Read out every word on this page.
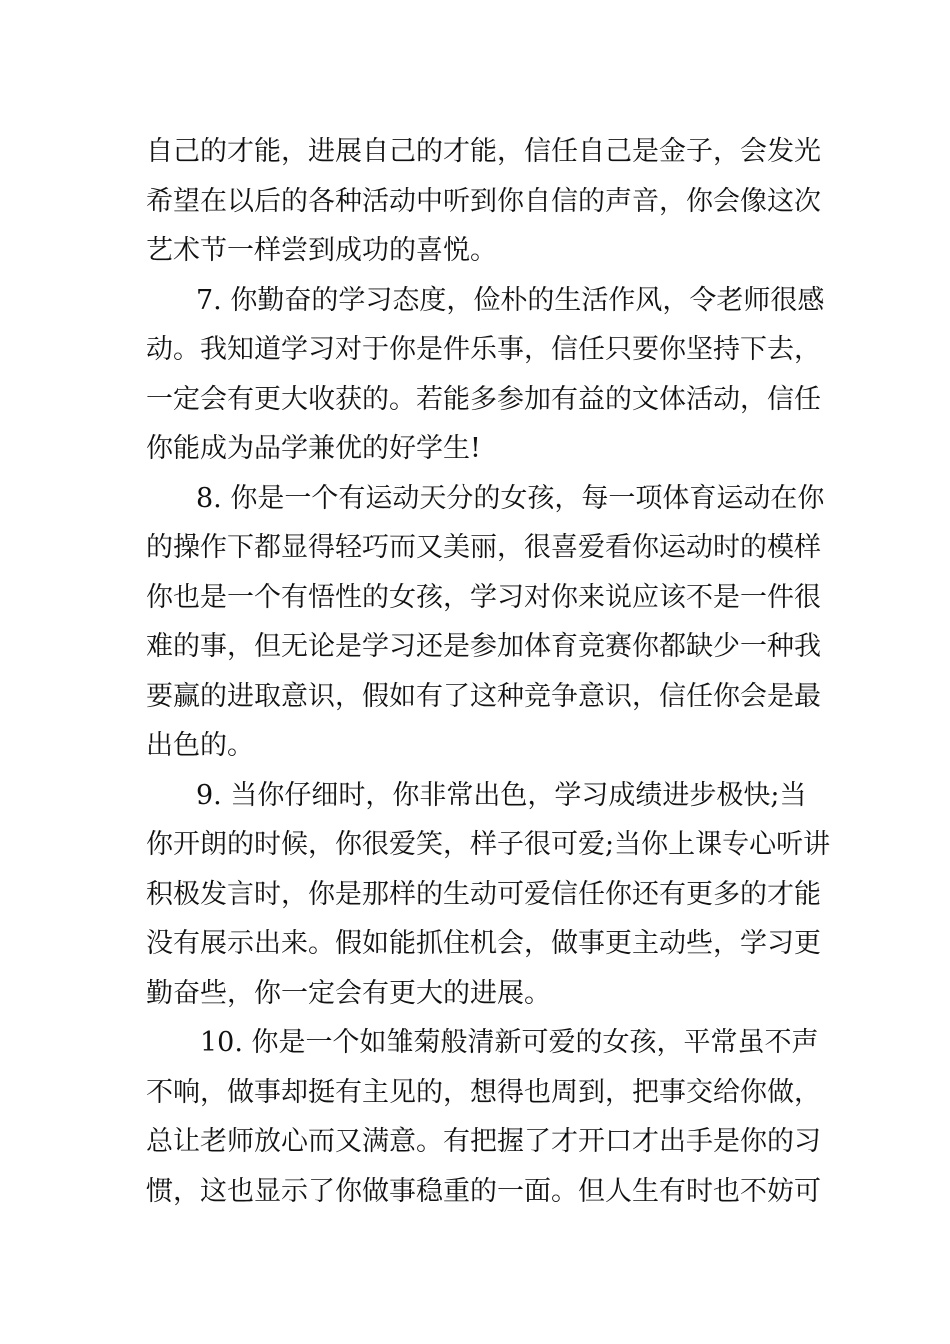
自己的才能，进展自己的才能，信任自己是金子，会发光
希望在以后的各种活动中听到你自信的声音，你会像这次
艺术节一样尝到成功的喜悦。
7. 你勤奋的学习态度，俭朴的生活作风，令老师很感
动。我知道学习对于你是件乐事，信任只要你坚持下去，
一定会有更大收获的。若能多参加有益的文体活动，信任
你能成为品学兼优的好学生!
8. 你是一个有运动天分的女孩，每一项体育运动在你
的操作下都显得轻巧而又美丽，很喜爱看你运动时的模样
你也是一个有悟性的女孩，学习对你来说应该不是一件很
难的事，但无论是学习还是参加体育竞赛你都缺少一种我
要赢的进取意识，假如有了这种竞争意识，信任你会是最
出色的。
9. 当你仔细时，你非常出色，学习成绩进步极快;当
你开朗的时候，你很爱笑，样子很可爱;当你上课专心听讲
积极发言时，你是那样的生动可爱信任你还有更多的才能
没有展示出来。假如能抓住机会，做事更主动些，学习更
勤奋些，你一定会有更大的进展。
10. 你是一个如雏菊般清新可爱的女孩，平常虽不声
不响，做事却挺有主见的，想得也周到，把事交给你做，
总让老师放心而又满意。有把握了才开口才出手是你的习
惯，这也显示了你做事稳重的一面。但人生有时也不妨可
